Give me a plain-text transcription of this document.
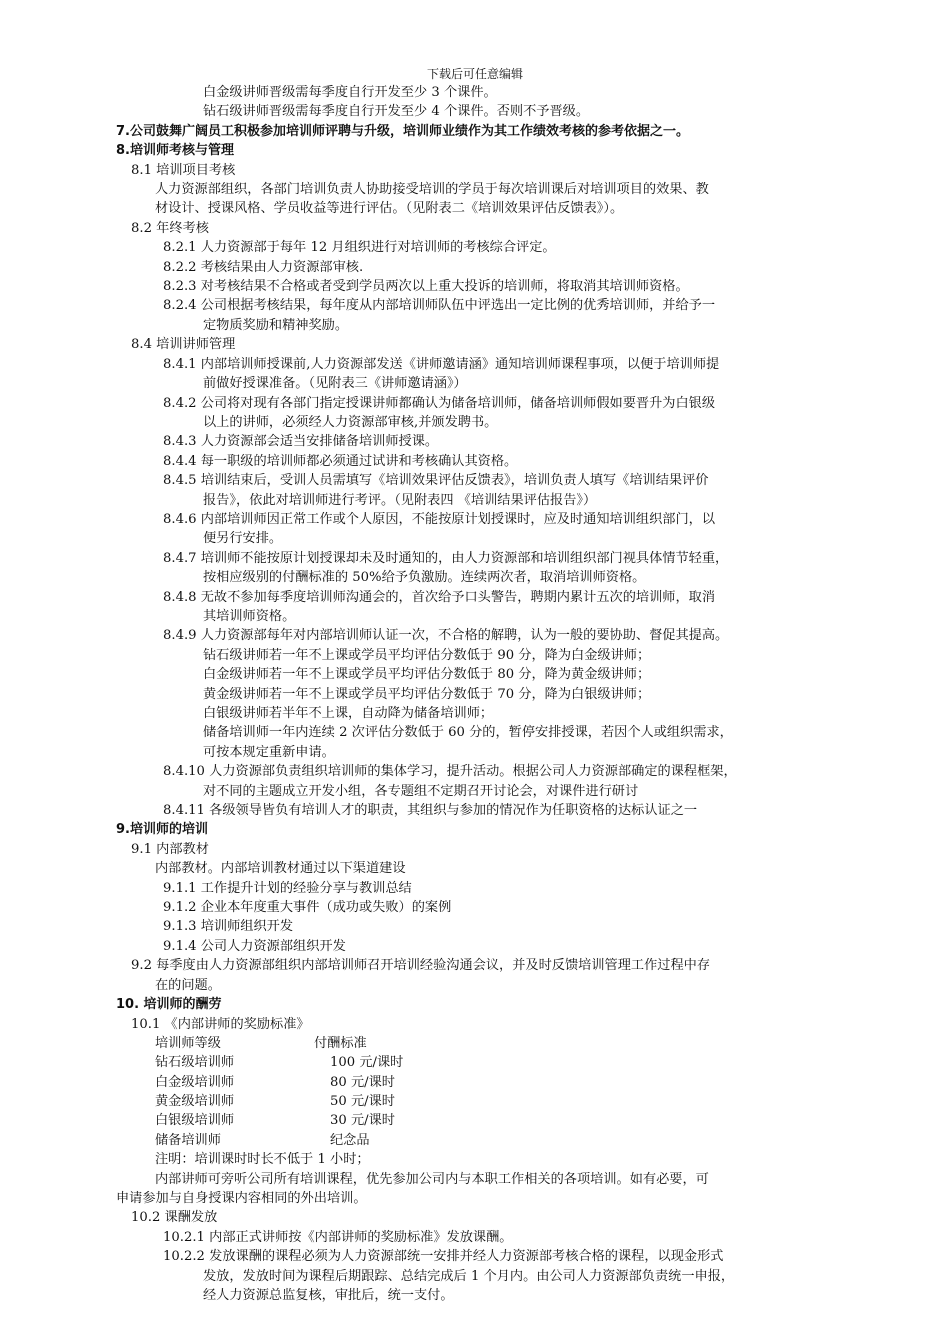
下载后可任意编辑
白金级讲师晋级需每季度自行开发至少 3 个课件。
钻石级讲师晋级需每季度自行开发至少 4 个课件。否则不予晋级。
7.公司鼓舞广阔员工积极参加培训师评聘与升级，培训师业绩作为其工作绩效考核的参考依据之一。
8.培训师考核与管理
8.1 培训项目考核
人力资源部组织，各部门培训负责人协助接受培训的学员于每次培训课后对培训项目的效果、教
材设计、授课风格、学员收益等进行评估。（见附表二《培训效果评估反馈表》）。
8.2 年终考核
8.2.1 人力资源部于每年 12 月组织进行对培训师的考核综合评定。
8.2.2 考核结果由人力资源部审核.
8.2.3 对考核结果不合格或者受到学员两次以上重大投诉的培训师，将取消其培训师资格。
8.2.4 公司根据考核结果，每年度从内部培训师队伍中评选出一定比例的优秀培训师，并给予一
定物质奖励和精神奖励。
8.4 培训讲师管理
8.4.1 内部培训师授课前,人力资源部发送《讲师邀请涵》通知培训师课程事项，以便于培训师提
前做好授课准备。（见附表三《讲师邀请涵》）
8.4.2 公司将对现有各部门指定授课讲师都确认为储备培训师，储备培训师假如要晋升为白银级
以上的讲师，必须经人力资源部审核,并颁发聘书。
8.4.3 人力资源部会适当安排储备培训师授课。
8.4.4 每一职级的培训师都必须通过试讲和考核确认其资格。
8.4.5 培训结束后，受训人员需填写《培训效果评估反馈表》，培训负责人填写《培训结果评价
报告》，依此对培训师进行考评。（见附表四 《培训结果评估报告》）
8.4.6 内部培训师因正常工作或个人原因，不能按原计划授课时，应及时通知培训组织部门，以
便另行安排。
8.4.7 培训师不能按原计划授课却未及时通知的，由人力资源部和培训组织部门视具体情节轻重，
按相应级别的付酬标准的 50%给予负激励。连续两次者，取消培训师资格。
8.4.8 无故不参加每季度培训师沟通会的，首次给予口头警告，聘期内累计五次的培训师，取消
其培训师资格。
8.4.9 人力资源部每年对内部培训师认证一次，不合格的解聘，认为一般的要协助、督促其提高。
钻石级讲师若一年不上课或学员平均评估分数低于 90 分，降为白金级讲师；
白金级讲师若一年不上课或学员平均评估分数低于 80 分，降为黄金级讲师；
黄金级讲师若一年不上课或学员平均评估分数低于 70 分，降为白银级讲师；
白银级讲师若半年不上课，自动降为储备培训师；
储备培训师一年内连续 2 次评估分数低于 60 分的，暂停安排授课，若因个人或组织需求，
可按本规定重新申请。
8.4.10 人力资源部负责组织培训师的集体学习，提升活动。根据公司人力资源部确定的课程框架，
对不同的主题成立开发小组，各专题组不定期召开讨论会，对课件进行研讨
8.4.11 各级领导皆负有培训人才的职责，其组织与参加的情况作为任职资格的达标认证之一
9.培训师的培训
9.1 内部教材
内部教材。内部培训教材通过以下渠道建设
9.1.1 工作提升计划的经验分享与教训总结
9.1.2 企业本年度重大事件（成功或失败）的案例
9.1.3 培训师组织开发
9.1.4 公司人力资源部组织开发
9.2 每季度由人力资源部组织内部培训师召开培训经验沟通会议，并及时反馈培训管理工作过程中存
在的问题。
10. 培训师的酬劳
10.1 《内部讲师的奖励标准》
培训师等级	付酬标准
钻石级培训师	100 元/课时
白金级培训师	80 元/课时
黄金级培训师	50 元/课时
白银级培训师	30 元/课时
储备培训师	纪念品
注明：培训课时时长不低于 1 小时；
内部讲师可旁听公司所有培训课程，优先参加公司内与本职工作相关的各项培训。如有必要，可
申请参加与自身授课内容相同的外出培训。
10.2 课酬发放
10.2.1 内部正式讲师按《内部讲师的奖励标准》发放课酬。
10.2.2 发放课酬的课程必须为人力资源部统一安排并经人力资源部考核合格的课程，以现金形式
发放，发放时间为课程后期跟踪、总结完成后 1 个月内。由公司人力资源部负责统一申报，
经人力资源总监复核，审批后，统一支付。
